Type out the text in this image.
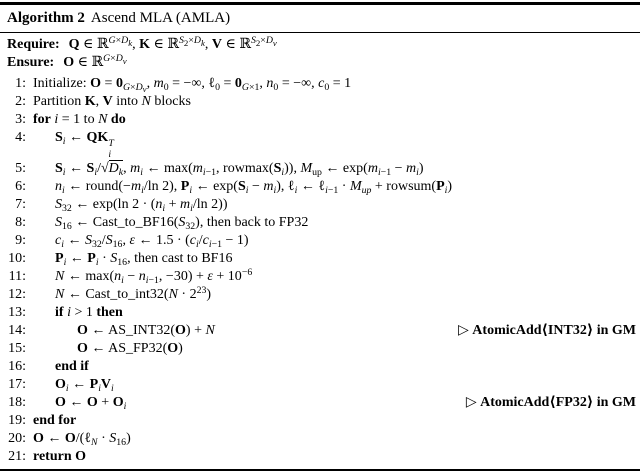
Algorithm 2 Ascend MLA (AMLA)
Require: Q ∈ ℝ$^{G\times D_k}$, K ∈ ℝ$^{S_2\times D_k}$, V ∈ ℝ$^{S_2\times D_v}$
Ensure: O ∈ ℝ$^{G\times D_v}$
1: Initialize: $O = 0_{G\times D_v}$, $m_0$ = −∞, ℓ$_0$ = $0_{G\times 1}$, $n_0$ = −∞, $c_0 = 1$
2: Partition K, V into N blocks
3: for i = 1 to N do
4: $S_i$ ← QK T
i
5: $S_i$ ← $S_i/√D_k$, $m_i$ ← $\max(m_{i-1}$, $rowmax(S_i)$), $M_{up}$ ← $\exp(m_{i-1} - m_i)$
6: $n_i$ ← $round(-m_i/\ln$ 2), $P_i$ ← $\exp(S_i - m_i)$, ℓ$_i$ ← ℓ$_{i-1}$ · $M_{up}$ + $rowsum(P_i)$
7: $S_{32}$ ← exp(ln $2 \cdot (n_i + m_i/\ln$ 2))
8: $S_{16}$ ← $Cast\_to\_BF16(S_{32})$, then back to FP32
9: $c_i$ ← $S_{32}/S_{16}$, ε ← $1.5 \cdot (c_i/c_{i-1} - 1)$
10: $P_i$ ← $P_i \cdot S_{16}$, then cast to BF16
11: N ← $\max(n_i - n_{i-1}$, $-30) + \varepsilon + 10^{-6}$
12: N ← Cast_to_int32(N · $2^{23}$)
13: if i > 1 then
14:	O ← AS_INT32(O) + N	▷ AtomicAdd⟨INT32⟩ in GM
15:	O ← AS_FP32(O)
16: end if
17: $O_i$ ← $P_iV_i$
18: O ← $O + O_i$	▷ AtomicAdd⟨FP32⟩ in GM
19: end for
20: O ← O/(ℓ$_N$ · $S_{16}$)
21: return O
